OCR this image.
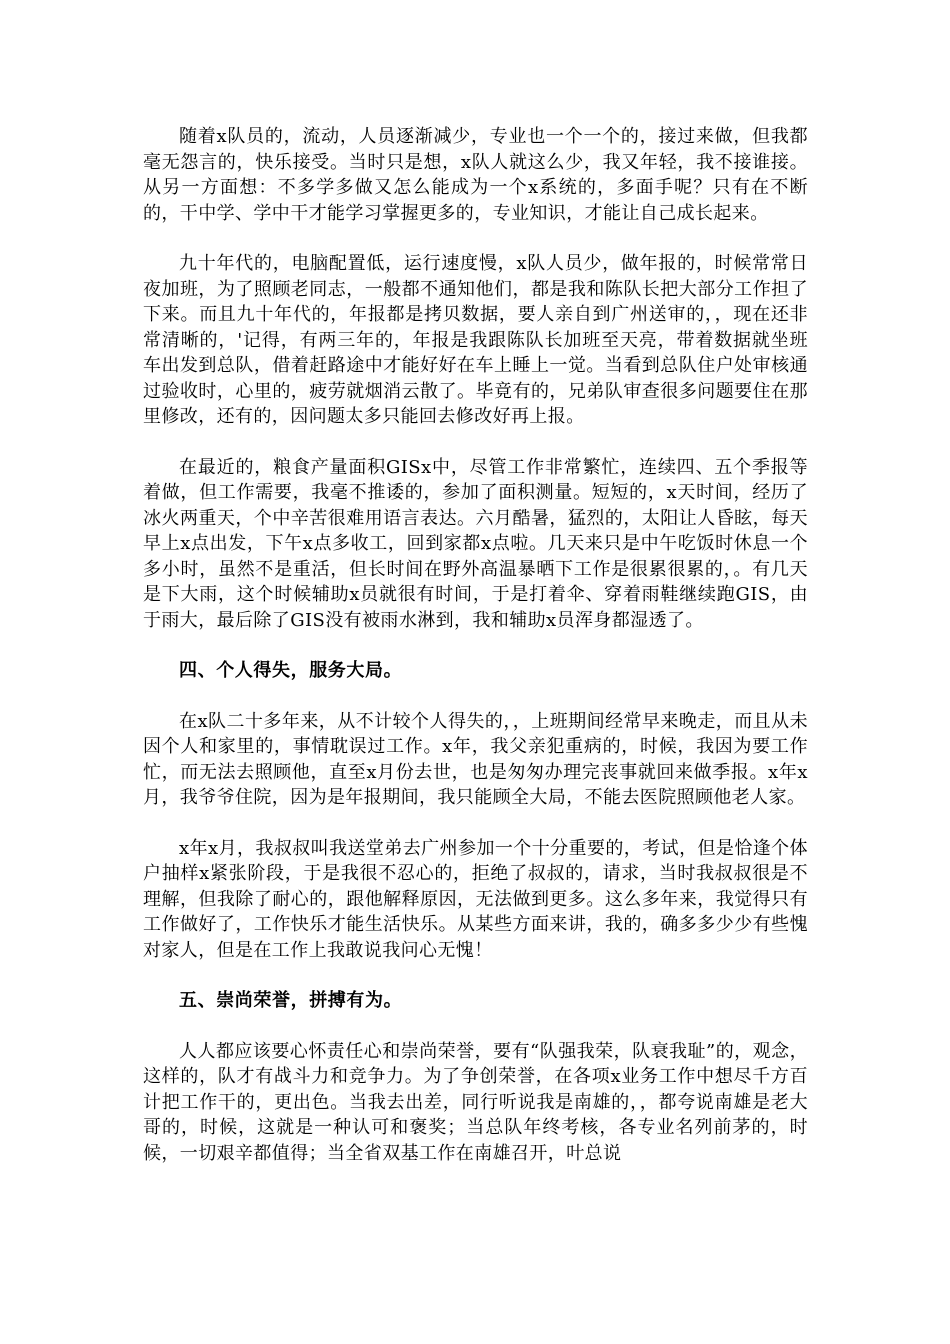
随着x队员的，流动，人员逐渐减少，专业也一个一个的，接过来做，但我都毫无怨言的，快乐接受。当时只是想，x队人就这么少，我又年轻，我不接谁接。从另一方面想：不多学多做又怎么能成为一个x系统的，多面手呢？只有在不断的，干中学、学中干才能学习掌握更多的，专业知识，才能让自己成长起来。

九十年代的，电脑配置低，运行速度慢，x队人员少，做年报的，时候常常日夜加班，为了照顾老同志，一般都不通知他们，都是我和陈队长把大部分工作担了下来。而且九十年代的，年报都是拷贝数据，要人亲自到广州送审的，，现在还非常清晰的，'记得，有两三年的，年报是我跟陈队长加班至天亮，带着数据就坐班车出发到总队，借着赶路途中才能好好在车上睡上一觉。当看到总队住户处审核通过验收时，心里的，疲劳就烟消云散了。毕竟有的，兄弟队审查很多问题要住在那里修改，还有的，因问题太多只能回去修改好再上报。

在最近的，粮食产量面积GISx中，尽管工作非常繁忙，连续四、五个季报等着做，但工作需要，我毫不推诿的，参加了面积测量。短短的，x天时间，经历了冰火两重天，个中辛苦很难用语言表达。六月酷暑，猛烈的，太阳让人昏眩，每天早上x点出发，下午x点多收工，回到家都x点啦。几天来只是中午吃饭时休息一个多小时，虽然不是重活，但长时间在野外高温暴晒下工作是很累很累的，。有几天是下大雨，这个时候辅助x员就很有时间，于是打着伞、穿着雨鞋继续跑GIS，由于雨大，最后除了GIS没有被雨水淋到，我和辅助x员浑身都湿透了。

四、个人得失，服务大局。

在x队二十多年来，从不计较个人得失的，，上班期间经常早来晚走，而且从未因个人和家里的，事情耽误过工作。x年，我父亲犯重病的，时候，我因为要工作忙，而无法去照顾他，直至x月份去世，也是匆匆办理完丧事就回来做季报。x年x月，我爷爷住院，因为是年报期间，我只能顾全大局，不能去医院照顾他老人家。

x年x月，我叔叔叫我送堂弟去广州参加一个十分重要的，考试，但是恰逢个体户抽样x紧张阶段，于是我很不忍心的，拒绝了叔叔的，请求，当时我叔叔很是不理解，但我除了耐心的，跟他解释原因，无法做到更多。这么多年来，我觉得只有工作做好了，工作快乐才能生活快乐。从某些方面来讲，我的，确多多少少有些愧对家人，但是在工作上我敢说我问心无愧！

五、崇尚荣誉，拼搏有为。

人人都应该要心怀责任心和崇尚荣誉，要有“队强我荣，队衰我耻”的，观念，这样的，队才有战斗力和竞争力。为了争创荣誉，在各项x业务工作中想尽千方百计把工作干的，更出色。当我去出差，同行听说我是南雄的，，都夸说南雄是老大哥的，时候，这就是一种认可和褒奖；当总队年终考核，各专业名列前茅的，时候，一切艰辛都值得；当全省双基工作在南雄召开，叶总说
